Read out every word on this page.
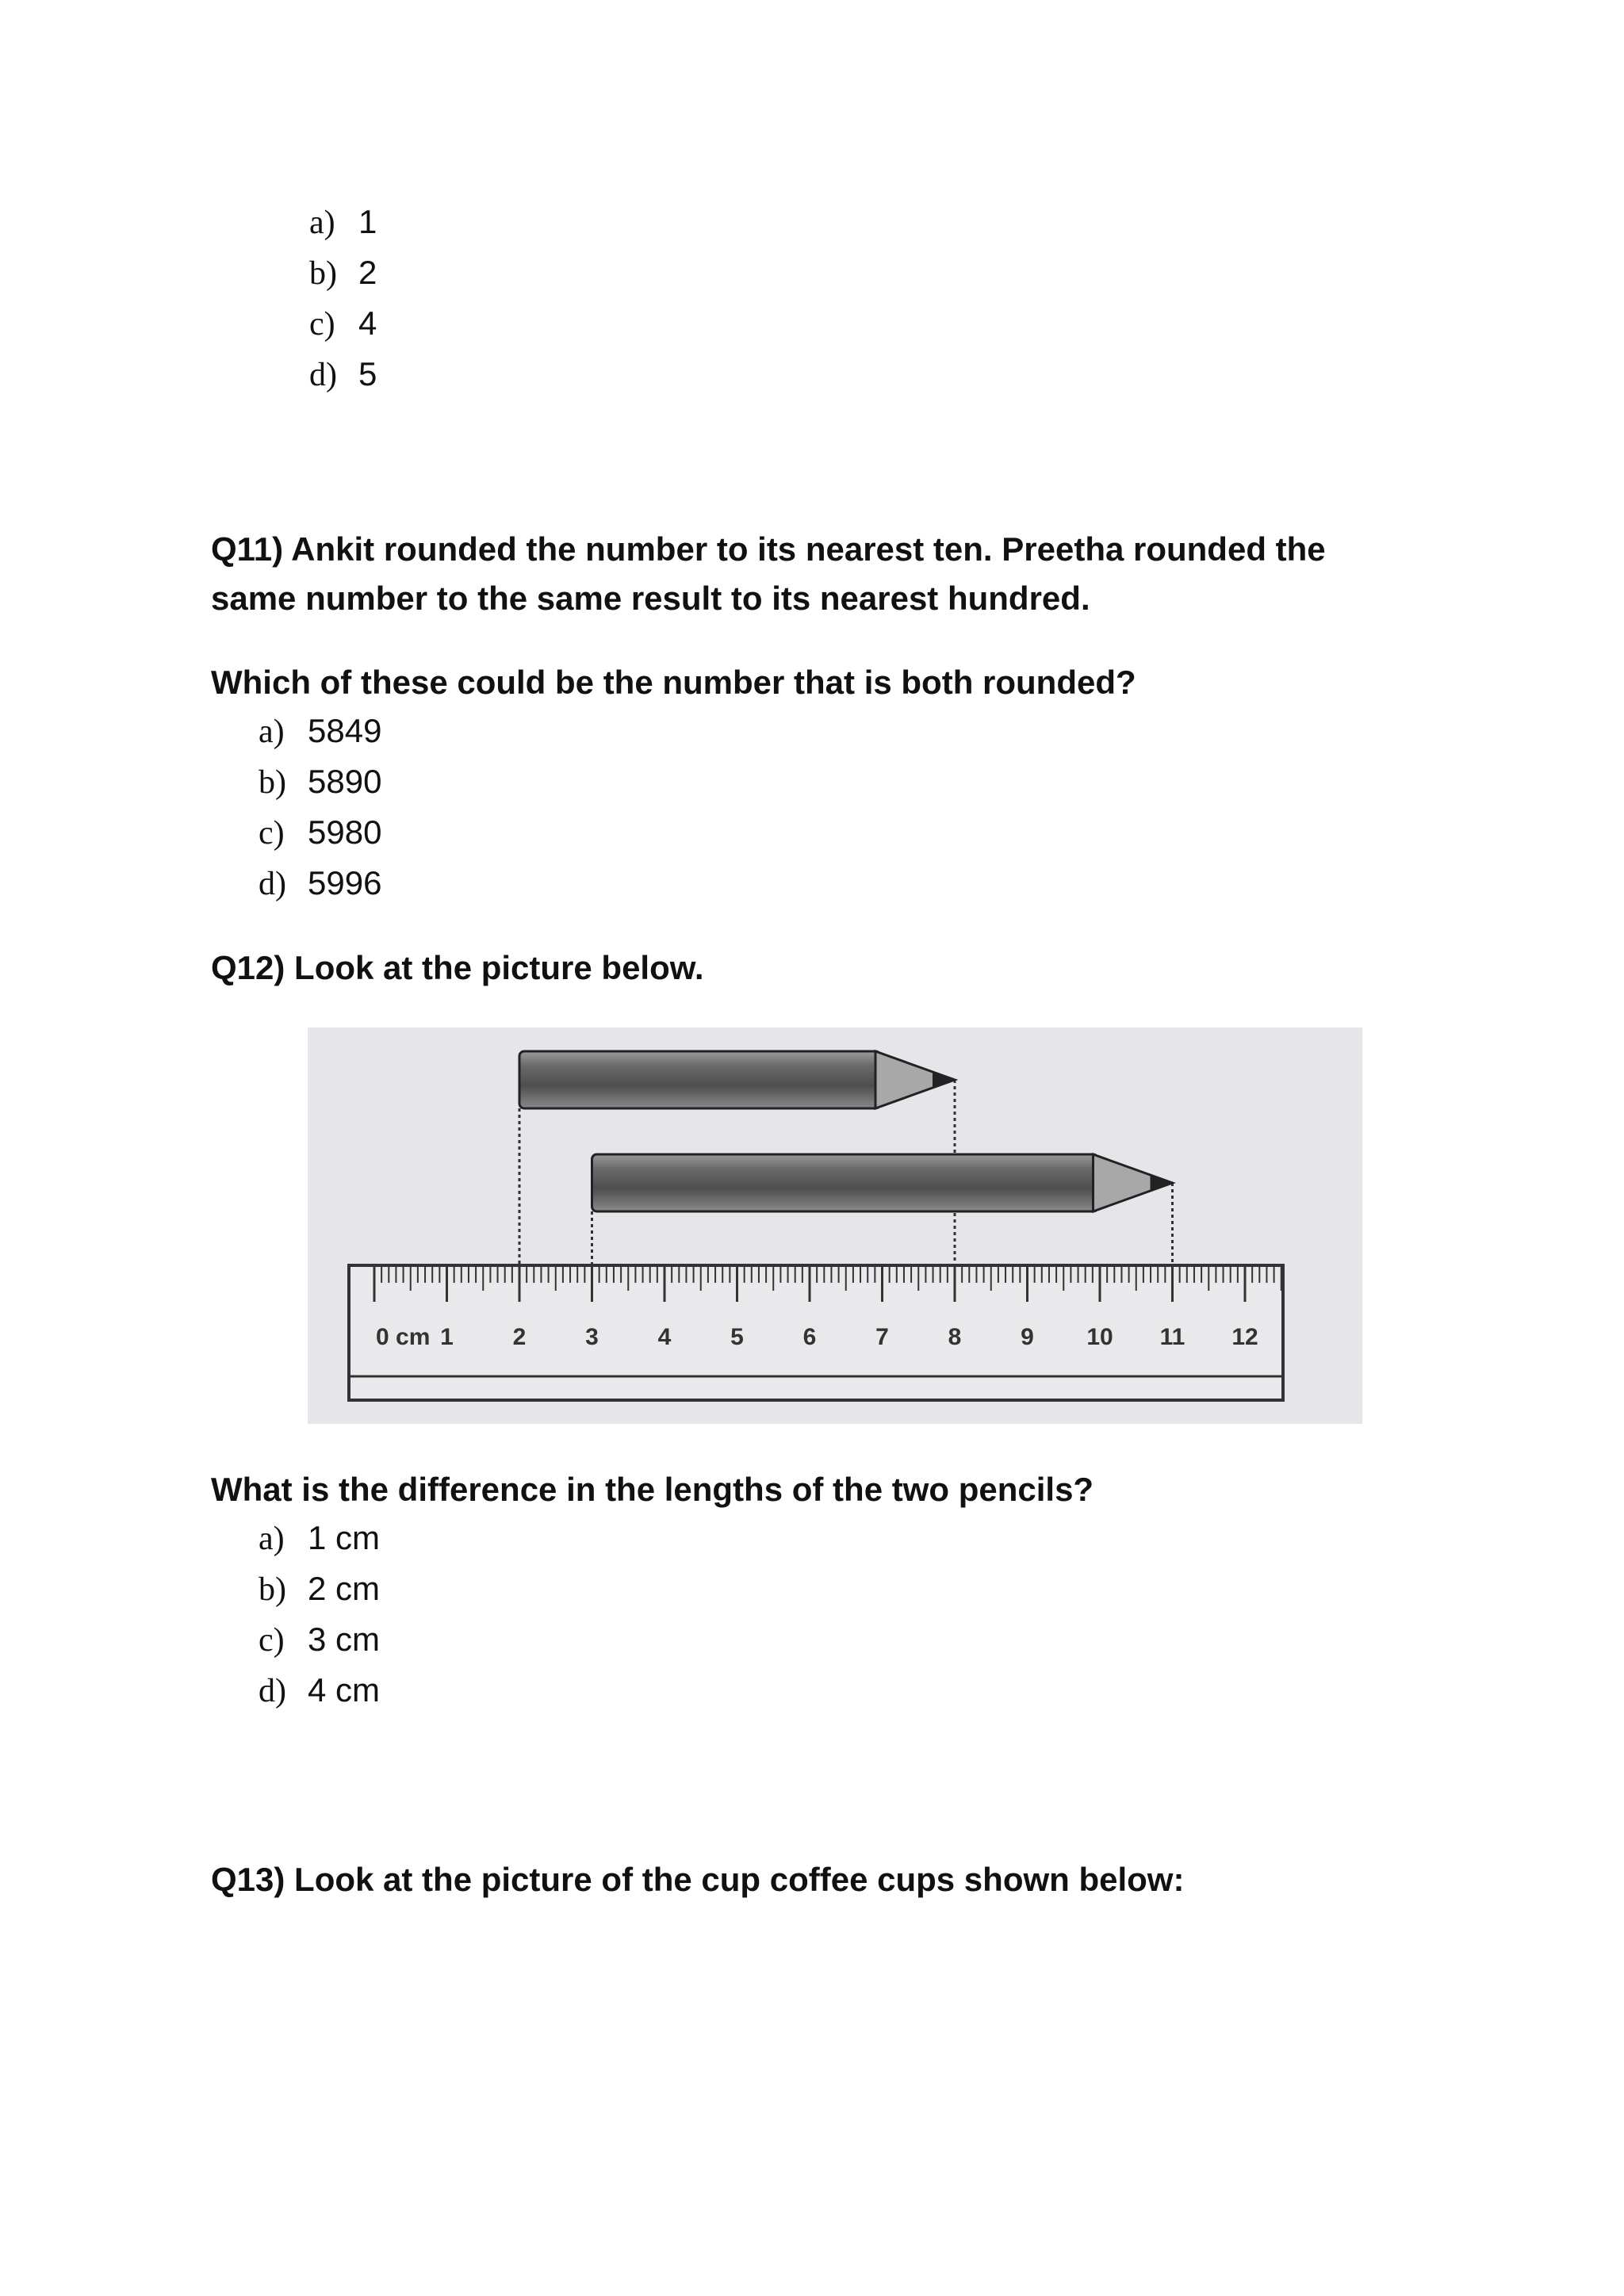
a) 1
b) 2
c) 4
d) 5

Q11) Ankit rounded the number to its nearest ten. Preetha rounded the

same number to the same result to its nearest hundred.

Which of these could be the number that is both rounded?

a) 5849
b) 5890
c) 5980
d) 5996

Q12) Look at the picture below.

0 cm 1 2 3 4 5 6 7 8 9 10 11 12

What is the difference in the lengths of the two pencils?

a) 1 cm
b) 2 cm
c) 3 cm
d) 4 cm

Q13) Look at the picture of the cup coffee cups shown below:
